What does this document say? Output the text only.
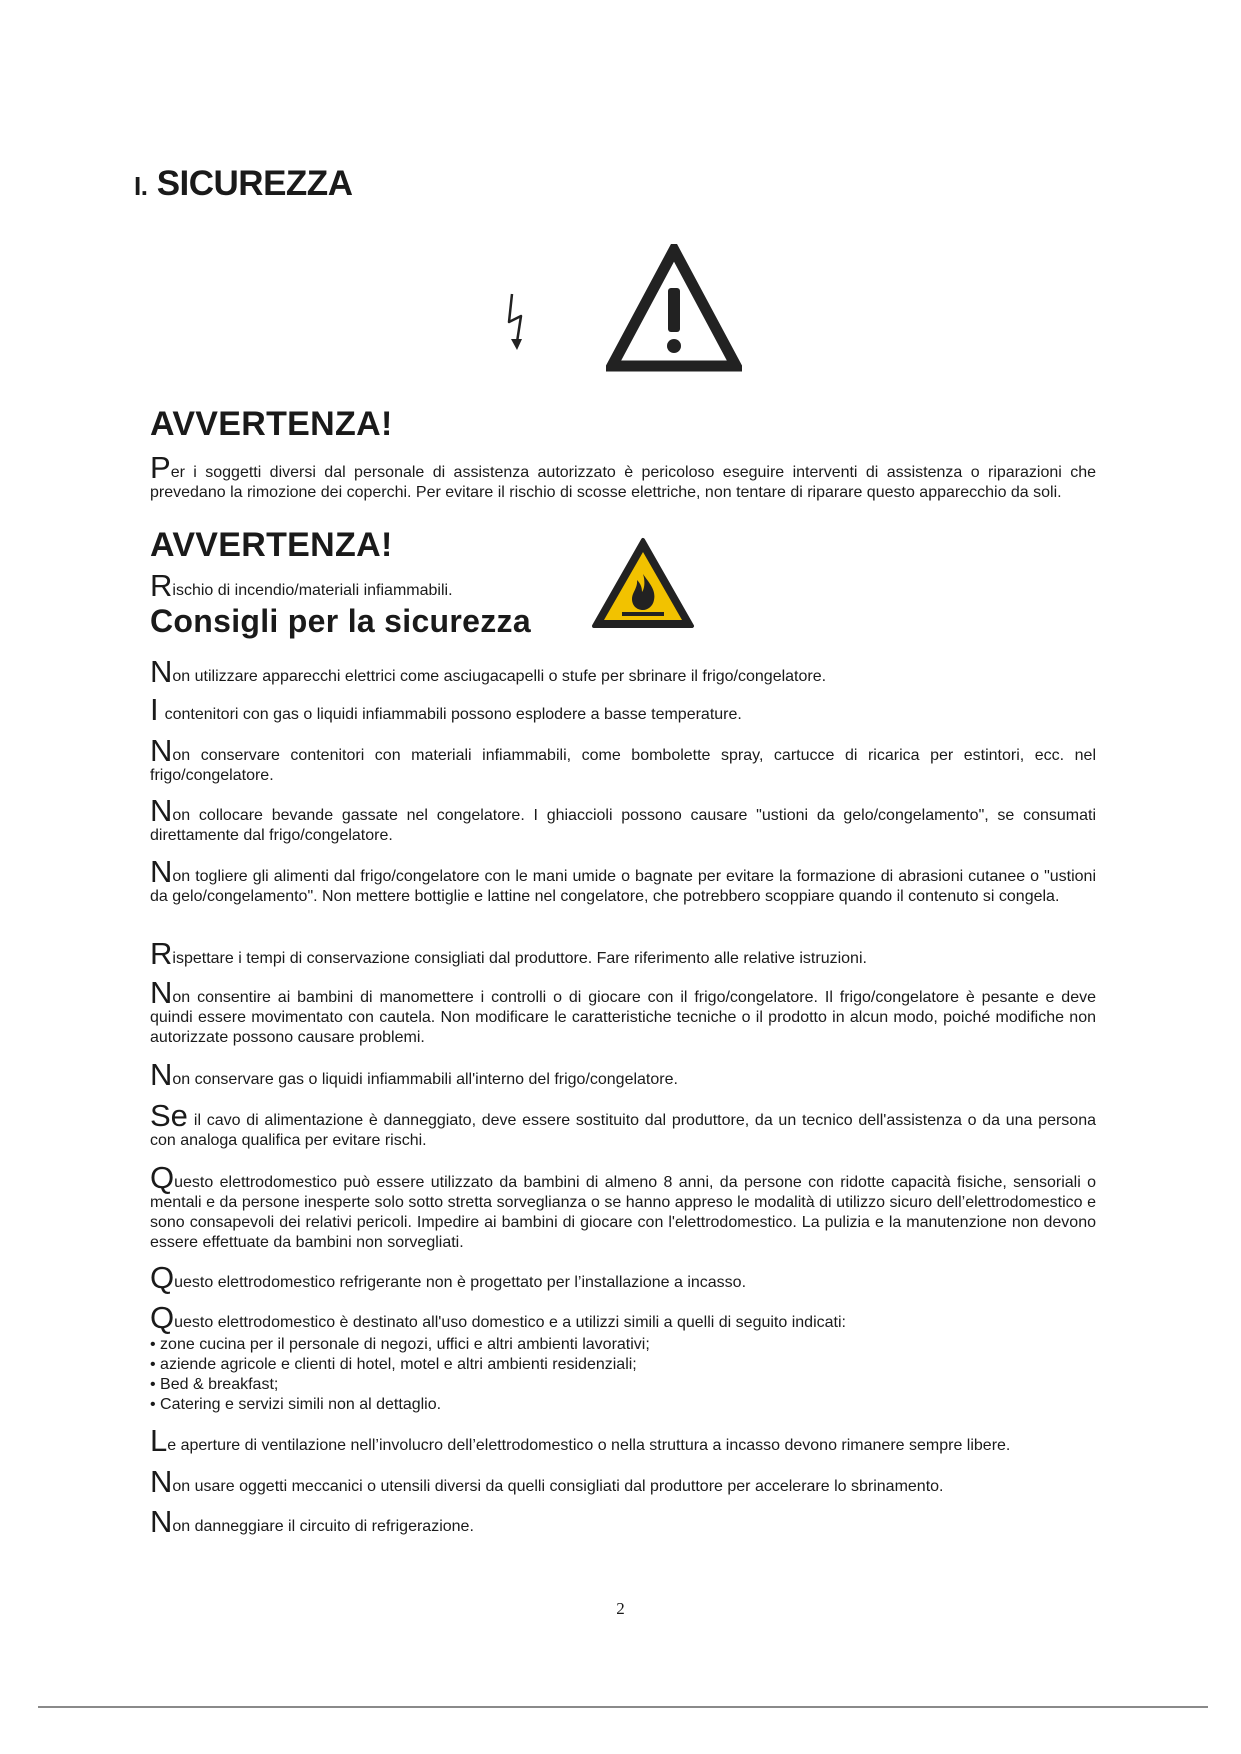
I. SICUREZZA
AVVERTENZA!
Per i soggetti diversi dal personale di assistenza autorizzato è pericoloso eseguire interventi di assistenza o riparazioni che prevedano la rimozione dei coperchi. Per evitare il rischio di scosse elettriche, non tentare di riparare questo apparecchio da soli.
AVVERTENZA!
Rischio di incendio/materiali infiammabili.
Consigli per la sicurezza
Non utilizzare apparecchi elettrici come asciugacapelli o stufe per sbrinare il frigo/congelatore.
Icontenitori con gas o liquidi infiammabili possono esplodere a basse temperature.
Non conservare contenitori con materiali infiammabili, come bombolette spray, cartucce di ricarica per estintori, ecc. nel frigo/congelatore.
Non collocare bevande gassate nel congelatore. I ghiaccioli possono causare "ustioni da gelo/congelamento", se consumati direttamente dal frigo/congelatore.
Non togliere gli alimenti dal frigo/congelatore con le mani umide o bagnate per evitare la formazione di abrasioni cutanee o "ustioni da gelo/congelamento". Non mettere bottiglie e lattine nel congelatore, che potrebbero scoppiare quando il contenuto si congela.
Rispettare i tempi di conservazione consigliati dal produttore. Fare riferimento alle relative istruzioni.
Non consentire ai bambini di manomettere i controlli o di giocare con il frigo/congelatore. Il frigo/congelatore è pesante e deve quindi essere movimentato con cautela. Non modificare le caratteristiche tecniche o il prodotto in alcun modo, poiché modifiche non autorizzate possono causare problemi.
Non conservare gas o liquidi infiammabili all'interno del frigo/congelatore.
Se il cavo di alimentazione è danneggiato, deve essere sostituito dal produttore, da un tecnico dell'assistenza o da una persona con analoga qualifica per evitare rischi.
Questo elettrodomestico può essere utilizzato da bambini di almeno 8 anni, da persone con ridotte capacità fisiche, sensoriali o mentali e da persone inesperte solo sotto stretta sorveglianza o se hanno appreso le modalità di utilizzo sicuro dell’elettrodomestico e sono consapevoli dei relativi pericoli. Impedire ai bambini di giocare con l'elettrodomestico. La pulizia e la manutenzione non devono essere effettuate da bambini non sorvegliati.
Questo elettrodomestico refrigerante non è progettato per l’installazione a incasso.
Questo elettrodomestico è destinato all'uso domestico e a utilizzi simili a quelli di seguito indicati:
• zone cucina per il personale di negozi, uffici e altri ambienti lavorativi;
• aziende agricole e clienti di hotel, motel e altri ambienti residenziali;
• Bed & breakfast;
• Catering e servizi simili non al dettaglio.
Le aperture di ventilazione nell’involucro dell’elettrodomestico o nella struttura a incasso devono rimanere sempre libere.
Non usare oggetti meccanici o utensili diversi da quelli consigliati dal produttore per accelerare lo sbrinamento.
Non danneggiare il circuito di refrigerazione.
2
